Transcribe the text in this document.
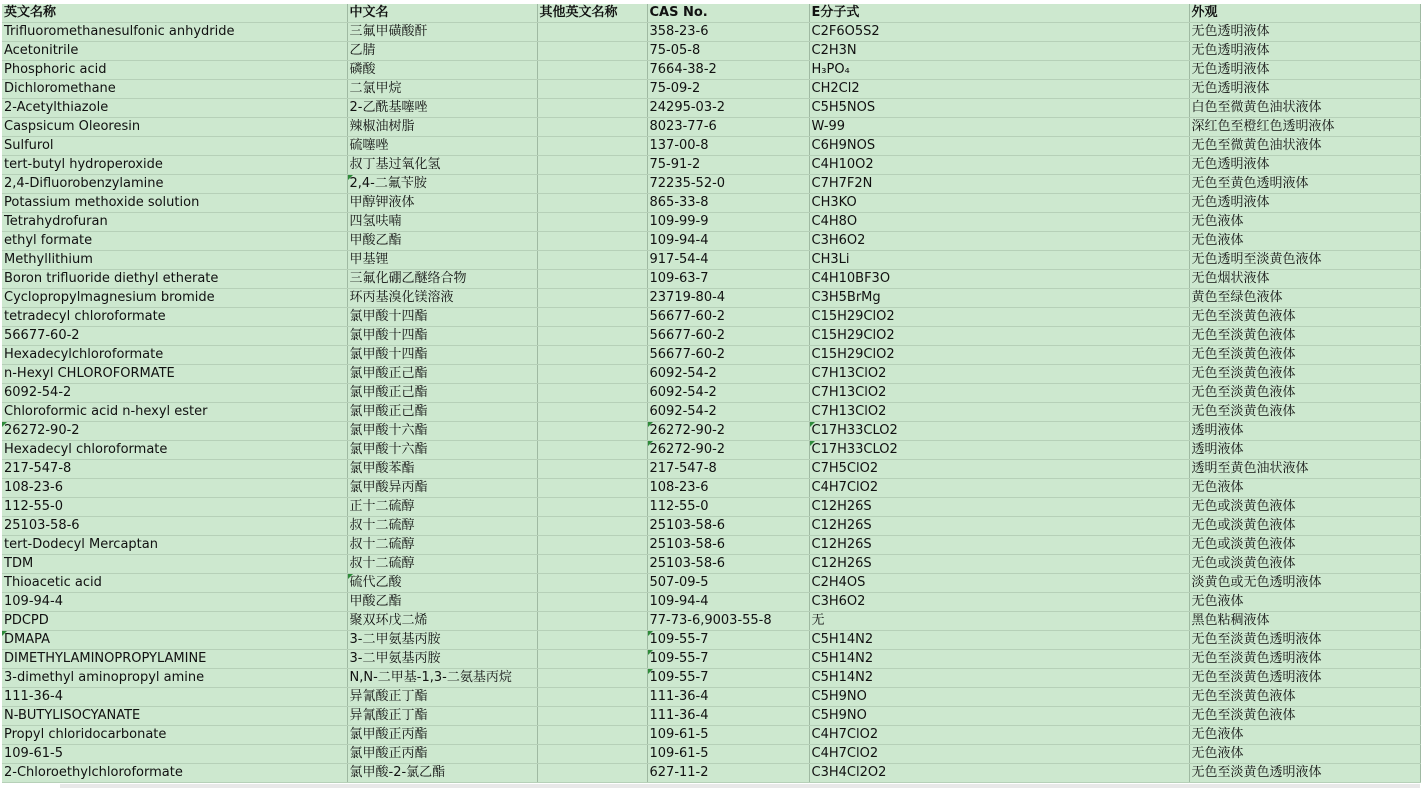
英文名称	中文名	其他英文名称	CAS No.	E分子式	外观
Trifluoromethanesulfonic anhydride	三氟甲磺酸酐		358-23-6	C2F6O5S2	无色透明液体
Acetonitrile	乙腈		75-05-8	C2H3N	无色透明液体
Phosphoric acid	磷酸		7664-38-2	H₃PO₄	无色透明液体
Dichloromethane	二氯甲烷		75-09-2	CH2Cl2	无色透明液体
2-Acetylthiazole	2-乙酰基噻唑		24295-03-2	C5H5NOS	白色至微黄色油状液体
Caspsicum Oleoresin	辣椒油树脂		8023-77-6	W-99	深红色至橙红色透明液体
Sulfurol	硫噻唑		137-00-8	C6H9NOS	无色至微黄色油状液体
tert-butyl hydroperoxide	叔丁基过氧化氢		75-91-2	C4H10O2	无色透明液体
2,4-Difluorobenzylamine	2,4-二氟苄胺		72235-52-0	C7H7F2N	无色至黄色透明液体
Potassium methoxide solution	甲醇钾液体		865-33-8	CH3KO	无色透明液体
Tetrahydrofuran	四氢呋喃		109-99-9	C4H8O	无色液体
ethyl formate	甲酸乙酯		109-94-4	C3H6O2	无色液体
Methyllithium	甲基锂		917-54-4	CH3Li	无色透明至淡黄色液体
Boron trifluoride diethyl etherate	三氟化硼乙醚络合物		109-63-7	C4H10BF3O	无色烟状液体
Cyclopropylmagnesium bromide	环丙基溴化镁溶液		23719-80-4	C3H5BrMg	黄色至绿色液体
tetradecyl chloroformate	氯甲酸十四酯		56677-60-2	C15H29ClO2	无色至淡黄色液体
56677-60-2	氯甲酸十四酯		56677-60-2	C15H29ClO2	无色至淡黄色液体
Hexadecylchloroformate	氯甲酸十四酯		56677-60-2	C15H29ClO2	无色至淡黄色液体
n-Hexyl CHLOROFORMATE	氯甲酸正己酯		6092-54-2	C7H13ClO2	无色至淡黄色液体
6092-54-2	氯甲酸正己酯		6092-54-2	C7H13ClO2	无色至淡黄色液体
Chloroformic acid n-hexyl ester	氯甲酸正己酯		6092-54-2	C7H13ClO2	无色至淡黄色液体
26272-90-2	氯甲酸十六酯		26272-90-2	C17H33CLO2	透明液体
Hexadecyl chloroformate	氯甲酸十六酯		26272-90-2	C17H33CLO2	透明液体
217-547-8	氯甲酸苯酯		217-547-8	C7H5ClO2	透明至黄色油状液体
108-23-6	氯甲酸异丙酯		108-23-6	C4H7ClO2	无色液体
112-55-0	正十二硫醇		112-55-0	C12H26S	无色或淡黄色液体
25103-58-6	叔十二硫醇		25103-58-6	C12H26S	无色或淡黄色液体
tert-Dodecyl Mercaptan	叔十二硫醇		25103-58-6	C12H26S	无色或淡黄色液体
TDM	叔十二硫醇		25103-58-6	C12H26S	无色或淡黄色液体
Thioacetic acid	硫代乙酸		507-09-5	C2H4OS	淡黄色或无色透明液体
109-94-4	甲酸乙酯		109-94-4	C3H6O2	无色液体
PDCPD	聚双环戊二烯		77-73-6,9003-55-8	无	黑色粘稠液体
DMAPA	3-二甲氨基丙胺		109-55-7	C5H14N2	无色至淡黄色透明液体
DIMETHYLAMINOPROPYLAMINE	3-二甲氨基丙胺		109-55-7	C5H14N2	无色至淡黄色透明液体
3-dimethyl aminopropyl amine	N,N-二甲基-1,3-二氨基丙烷		109-55-7	C5H14N2	无色至淡黄色透明液体
111-36-4	异氰酸正丁酯		111-36-4	C5H9NO	无色至淡黄色液体
N-BUTYLISOCYANATE	异氰酸正丁酯		111-36-4	C5H9NO	无色至淡黄色液体
Propyl chloridocarbonate	氯甲酸正丙酯		109-61-5	C4H7ClO2	无色液体
109-61-5	氯甲酸正丙酯		109-61-5	C4H7ClO2	无色液体
2-Chloroethylchloroformate	氯甲酸-2-氯乙酯		627-11-2	C3H4Cl2O2	无色至淡黄色透明液体
